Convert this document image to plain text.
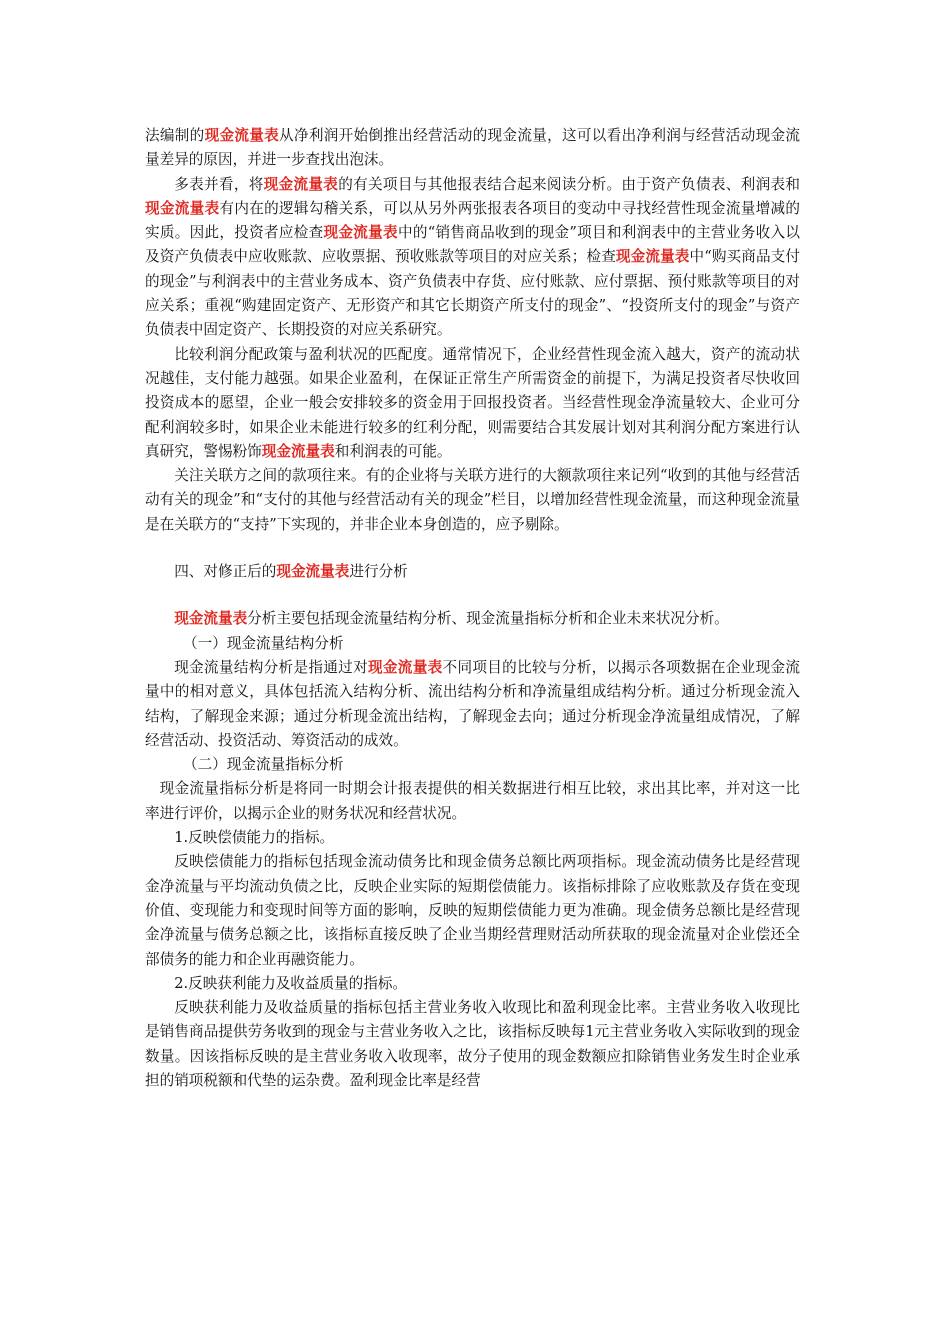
法编制的现金流量表从净利润开始倒推出经营活动的现金流量，这可以看出净利润与经营活动现金流量差异的原因，并进一步查找出泡沫。

多表并看，将现金流量表的有关项目与其他报表结合起来阅读分析。由于资产负债表、利润表和现金流量表有内在的逻辑勾稽关系，可以从另外两张报表各项目的变动中寻找经营性现金流量增减的实质。因此，投资者应检查现金流量表中的“销售商品收到的现金”项目和利润表中的主营业务收入以及资产负债表中应收账款、应收票据、预收账款等项目的对应关系；检查现金流量表中“购买商品支付的现金”与利润表中的主营业务成本、资产负债表中存货、应付账款、应付票据、预付账款等项目的对应关系；重视“购建固定资产、无形资产和其它长期资产所支付的现金”、“投资所支付的现金”与资产负债表中固定资产、长期投资的对应关系研究。

比较利润分配政策与盈利状况的匹配度。通常情况下，企业经营性现金流入越大，资产的流动状况越佳，支付能力越强。如果企业盈利，在保证正常生产所需资金的前提下，为满足投资者尽快收回投资成本的愿望，企业一般会安排较多的资金用于回报投资者。当经营性现金净流量较大、企业可分配利润较多时，如果企业未能进行较多的红利分配，则需要结合其发展计划对其利润分配方案进行认真研究，警惕粉饰现金流量表和利润表的可能。

关注关联方之间的款项往来。有的企业将与关联方进行的大额款项往来记列“收到的其他与经营活动有关的现金”和“支付的其他与经营活动有关的现金”栏目，以增加经营性现金流量，而这种现金流量是在关联方的“支持”下实现的，并非企业本身创造的，应予剔除。

四、对修正后的现金流量表进行分析

现金流量表分析主要包括现金流量结构分析、现金流量指标分析和企业未来状况分析。

（一）现金流量结构分析

现金流量结构分析是指通过对现金流量表不同项目的比较与分析，以揭示各项数据在企业现金流量中的相对意义，具体包括流入结构分析、流出结构分析和净流量组成结构分析。通过分析现金流入结构，了解现金来源；通过分析现金流出结构，了解现金去向；通过分析现金净流量组成情况，了解经营活动、投资活动、筹资活动的成效。

（二）现金流量指标分析

现金流量指标分析是将同一时期会计报表提供的相关数据进行相互比较，求出其比率，并对这一比率进行评价，以揭示企业的财务状况和经营状况。

1.反映偿债能力的指标。

反映偿债能力的指标包括现金流动债务比和现金债务总额比两项指标。现金流动债务比是经营现金净流量与平均流动负债之比，反映企业实际的短期偿债能力。该指标排除了应收账款及存货在变现价值、变现能力和变现时间等方面的影响，反映的短期偿债能力更为准确。现金债务总额比是经营现金净流量与债务总额之比，该指标直接反映了企业当期经营理财活动所获取的现金流量对企业偿还全部债务的能力和企业再融资能力。

2.反映获利能力及收益质量的指标。

反映获利能力及收益质量的指标包括主营业务收入收现比和盈利现金比率。主营业务收入收现比是销售商品提供劳务收到的现金与主营业务收入之比，该指标反映每1元主营业务收入实际收到的现金数量。因该指标反映的是主营业务收入收现率，故分子使用的现金数额应扣除销售业务发生时企业承担的销项税额和代垫的运杂费。盈利现金比率是经营
